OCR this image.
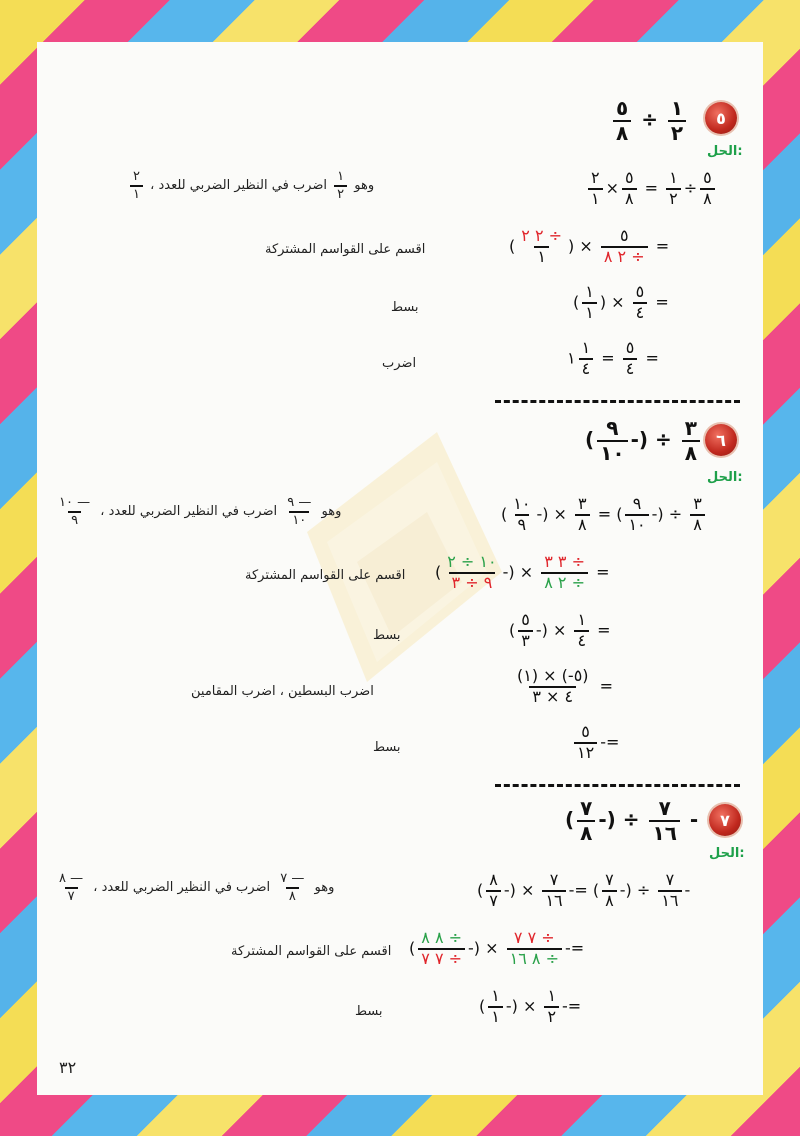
٥
٥
٨
÷ ١
٢
الحل:
٢
١
×
٥
٨
=
١
٢
÷
٥
٨
٢
١
، وهو
١
٢
اضرب في النظير الضربي للعدد
(
٢ ٢ ÷
١
) ×
٥
٢ ٨ ÷
=
اقسم على القواسم المشتركة
(
١
١
) ×
٥
٤
=
بسط
١
١
٤
=
٥
٤
=
اضرب
٦
( ٩
١٠
-) ÷ ٣
٨
الحل:
(
١٠
٩
-) ×
٣
٨
= (
٩
١٠
-) ÷
٣
٨
١٠ —
٩
، وهو
٩ —
١٠
اضرب في النظير الضربي للعدد
(
١٠ ÷ ٢
٩ ÷ ٣
-) ×
٣ ٣ ÷
٢ ٨ ÷
=
اقسم على القواسم المشتركة
(
٥
٣
-) ×
١
٤
=
بسط
(١) × (-٥)
٤ × ٣
=
اضرب البسطين ، اضرب المقامين
٥
١٢
-=
بسط
٧
( ٧
٨
-) ÷ ٧
١٦
-
الحل:
(
٨
٧
-) ×
٧
١٦
-= (
٧
٨
-) ÷
٧
١٦
-
٨ —
٧
، وهو
٧ —
٨
اضرب في النظير الضربي للعدد
(
٨ ٨ ÷
٧ ٧ ÷
-) ×
٧ ٧ ÷
٨ ١٦ ÷
-=
اقسم على القواسم المشتركة
(
١
١
-) ×
١
٢
-=
بسط
٣٢
